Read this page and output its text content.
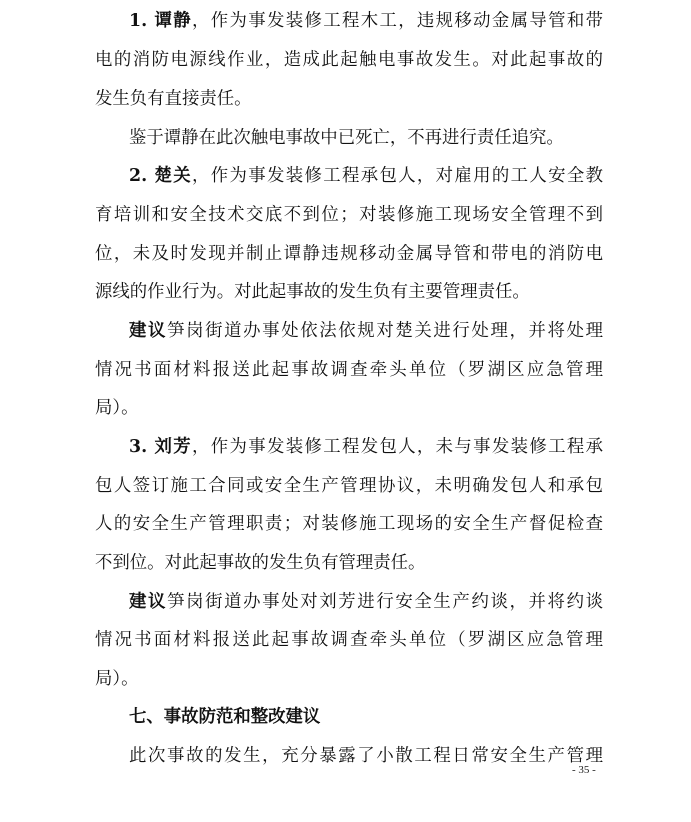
1. 谭静，作为事发装修工程木工，违规移动金属导管和带
电的消防电源线作业，造成此起触电事故发生。对此起事故的
发生负有直接责任。
鉴于谭静在此次触电事故中已死亡，不再进行责任追究。
2. 楚关，作为事发装修工程承包人，对雇用的工人安全教
育培训和安全技术交底不到位；对装修施工现场安全管理不到
位，未及时发现并制止谭静违规移动金属导管和带电的消防电
源线的作业行为。对此起事故的发生负有主要管理责任。
建议笋岗街道办事处依法依规对楚关进行处理，并将处理
情况书面材料报送此起事故调查牵头单位（罗湖区应急管理
局）。
3. 刘芳，作为事发装修工程发包人，未与事发装修工程承
包人签订施工合同或安全生产管理协议，未明确发包人和承包
人的安全生产管理职责；对装修施工现场的安全生产督促检查
不到位。对此起事故的发生负有管理责任。
建议笋岗街道办事处对刘芳进行安全生产约谈，并将约谈
情况书面材料报送此起事故调查牵头单位（罗湖区应急管理
局）。
七、事故防范和整改建议
此次事故的发生，充分暴露了小散工程日常安全生产管理
- 35 -
